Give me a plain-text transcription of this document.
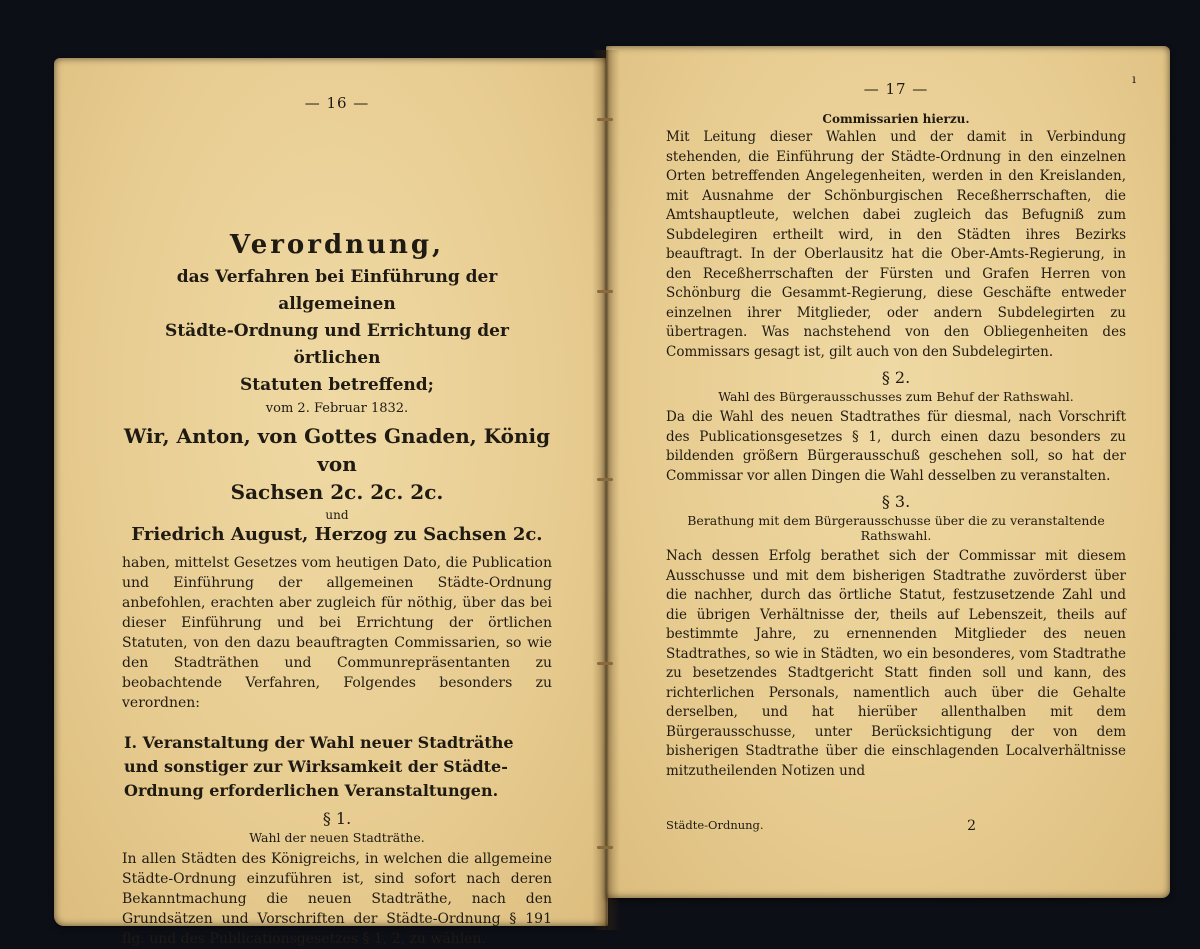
— 16 —
Verordnung,
das Verfahren bei Einführung der allgemeinen
Städte-Ordnung und Errichtung der örtlichen
Statuten betreffend;
vom 2. Februar 1832.
Wir, Anton, von Gottes Gnaden, König von
Sachsen 2c. 2c. 2c.
und
Friedrich August, Herzog zu Sachsen 2c.
haben, mittelst Gesetzes vom heutigen Dato, die Publication und Einführung der allgemeinen Städte-Ordnung anbefohlen, erachten aber zugleich für nöthig, über das bei dieser Einführung und bei Errichtung der örtlichen Statuten, von den dazu beauftragten Commissarien, so wie den Stadträthen und Communrepräsentanten zu beobachtende Verfahren, Folgendes besonders zu verordnen:
I. Veranstaltung der Wahl neuer Stadträthe und sonstiger zur Wirksamkeit der Städte-Ordnung erforderlichen Veranstaltungen.
§ 1.
Wahl der neuen Stadträthe.
In allen Städten des Königreichs, in welchen die allgemeine Städte-Ordnung einzuführen ist, sind sofort nach deren Bekanntmachung die neuen Stadträthe, nach den Grundsätzen und Vorschriften der Städte-Ordnung § 191 flg. und des Publicationsgesetzes § 1, 2, zu wählen.
ı
— 17 —
Commissarien hierzu.
Mit Leitung dieser Wahlen und der damit in Verbindung stehenden, die Einführung der Städte-Ordnung in den einzelnen Orten betreffenden Angelegenheiten, werden in den Kreislanden, mit Ausnahme der Schönburgischen Receßherrschaften, die Amtshauptleute, welchen dabei zugleich das Befugniß zum Subdelegiren ertheilt wird, in den Städten ihres Bezirks beauftragt. In der Oberlausitz hat die Ober-Amts-Regierung, in den Receßherrschaften der Fürsten und Grafen Herren von Schönburg die Gesammt-Regierung, diese Geschäfte entweder einzelnen ihrer Mitglieder, oder andern Subdelegirten zu übertragen. Was nachstehend von den Obliegenheiten des Commissars gesagt ist, gilt auch von den Subdelegirten.
§ 2.
Wahl des Bürgerausschusses zum Behuf der Rathswahl.
Da die Wahl des neuen Stadtrathes für diesmal, nach Vorschrift des Publicationsgesetzes § 1, durch einen dazu besonders zu bildenden größern Bürgerausschuß geschehen soll, so hat der Commissar vor allen Dingen die Wahl desselben zu veranstalten.
§ 3.
Berathung mit dem Bürgerausschusse über die zu veranstaltende Rathswahl.
Nach dessen Erfolg berathet sich der Commissar mit diesem Ausschusse und mit dem bisherigen Stadtrathe zuvörderst über die nachher, durch das örtliche Statut, festzusetzende Zahl und die übrigen Verhältnisse der, theils auf Lebenszeit, theils auf bestimmte Jahre, zu ernennenden Mitglieder des neuen Stadtrathes, so wie in Städten, wo ein besonderes, vom Stadtrathe zu besetzendes Stadtgericht Statt finden soll und kann, des richterlichen Personals, namentlich auch über die Gehalte derselben, und hat hierüber allenthalben mit dem Bürgerausschusse, unter Berücksichtigung der von dem bisherigen Stadtrathe über die einschlagenden Localverhältnisse mitzutheilenden Notizen und
Städte-Ordnung.	2
